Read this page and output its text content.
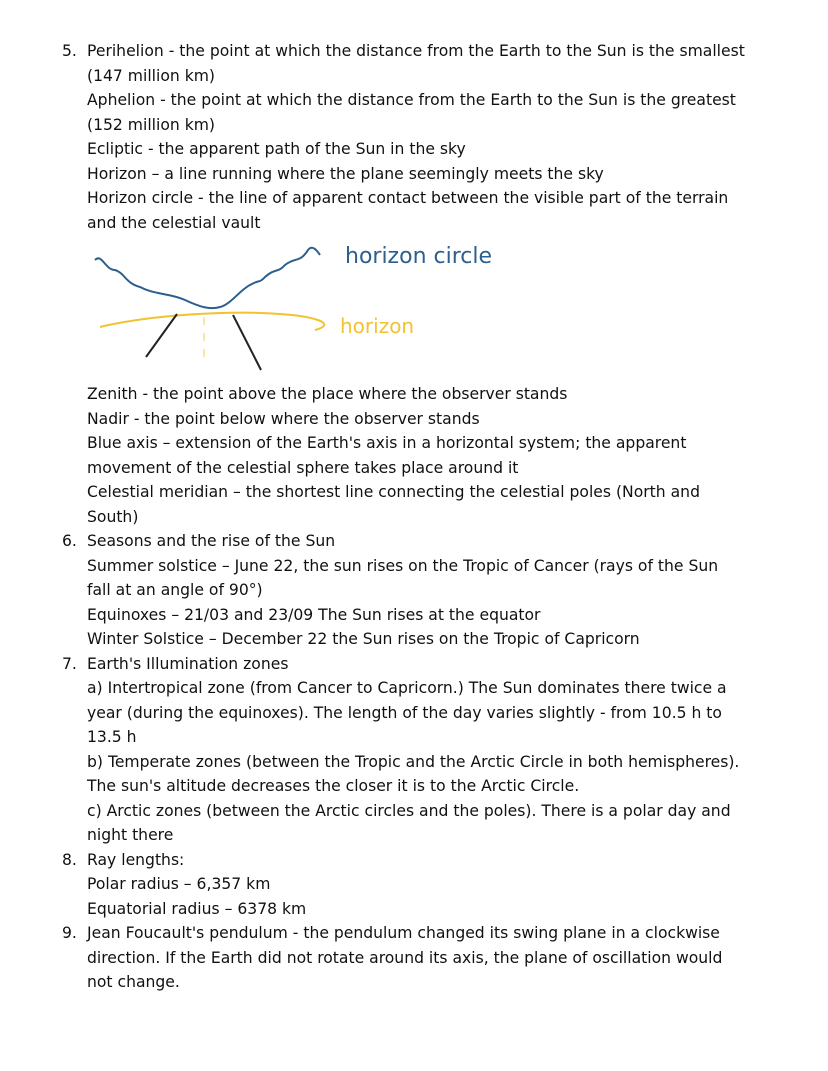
5. Perihelion - the point at which the distance from the Earth to the Sun is the smallest
(147 million km)
Aphelion - the point at which the distance from the Earth to the Sun is the greatest
(152 million km)
Ecliptic - the apparent path of the Sun in the sky
Horizon – a line running where the plane seemingly meets the sky
Horizon circle - the line of apparent contact between the visible part of the terrain
and the celestial vault
horizon circle
horizon
Zenith - the point above the place where the observer stands
Nadir - the point below where the observer stands
Blue axis – extension of the Earth's axis in a horizontal system; the apparent
movement of the celestial sphere takes place around it
Celestial meridian – the shortest line connecting the celestial poles (North and
South)
6. Seasons and the rise of the Sun
Summer solstice – June 22, the sun rises on the Tropic of Cancer (rays of the Sun
fall at an angle of 90°)
Equinoxes – 21/03 and 23/09 The Sun rises at the equator
Winter Solstice – December 22 the Sun rises on the Tropic of Capricorn
7. Earth's Illumination zones
a) Intertropical zone (from Cancer to Capricorn.) The Sun dominates there twice a
year (during the equinoxes). The length of the day varies slightly - from 10.5 h to
13.5 h
b) Temperate zones (between the Tropic and the Arctic Circle in both hemispheres).
The sun's altitude decreases the closer it is to the Arctic Circle.
c) Arctic zones (between the Arctic circles and the poles). There is a polar day and
night there
8. Ray lengths:
Polar radius – 6,357 km
Equatorial radius – 6378 km
9. Jean Foucault's pendulum - the pendulum changed its swing plane in a clockwise
direction. If the Earth did not rotate around its axis, the plane of oscillation would
not change.
